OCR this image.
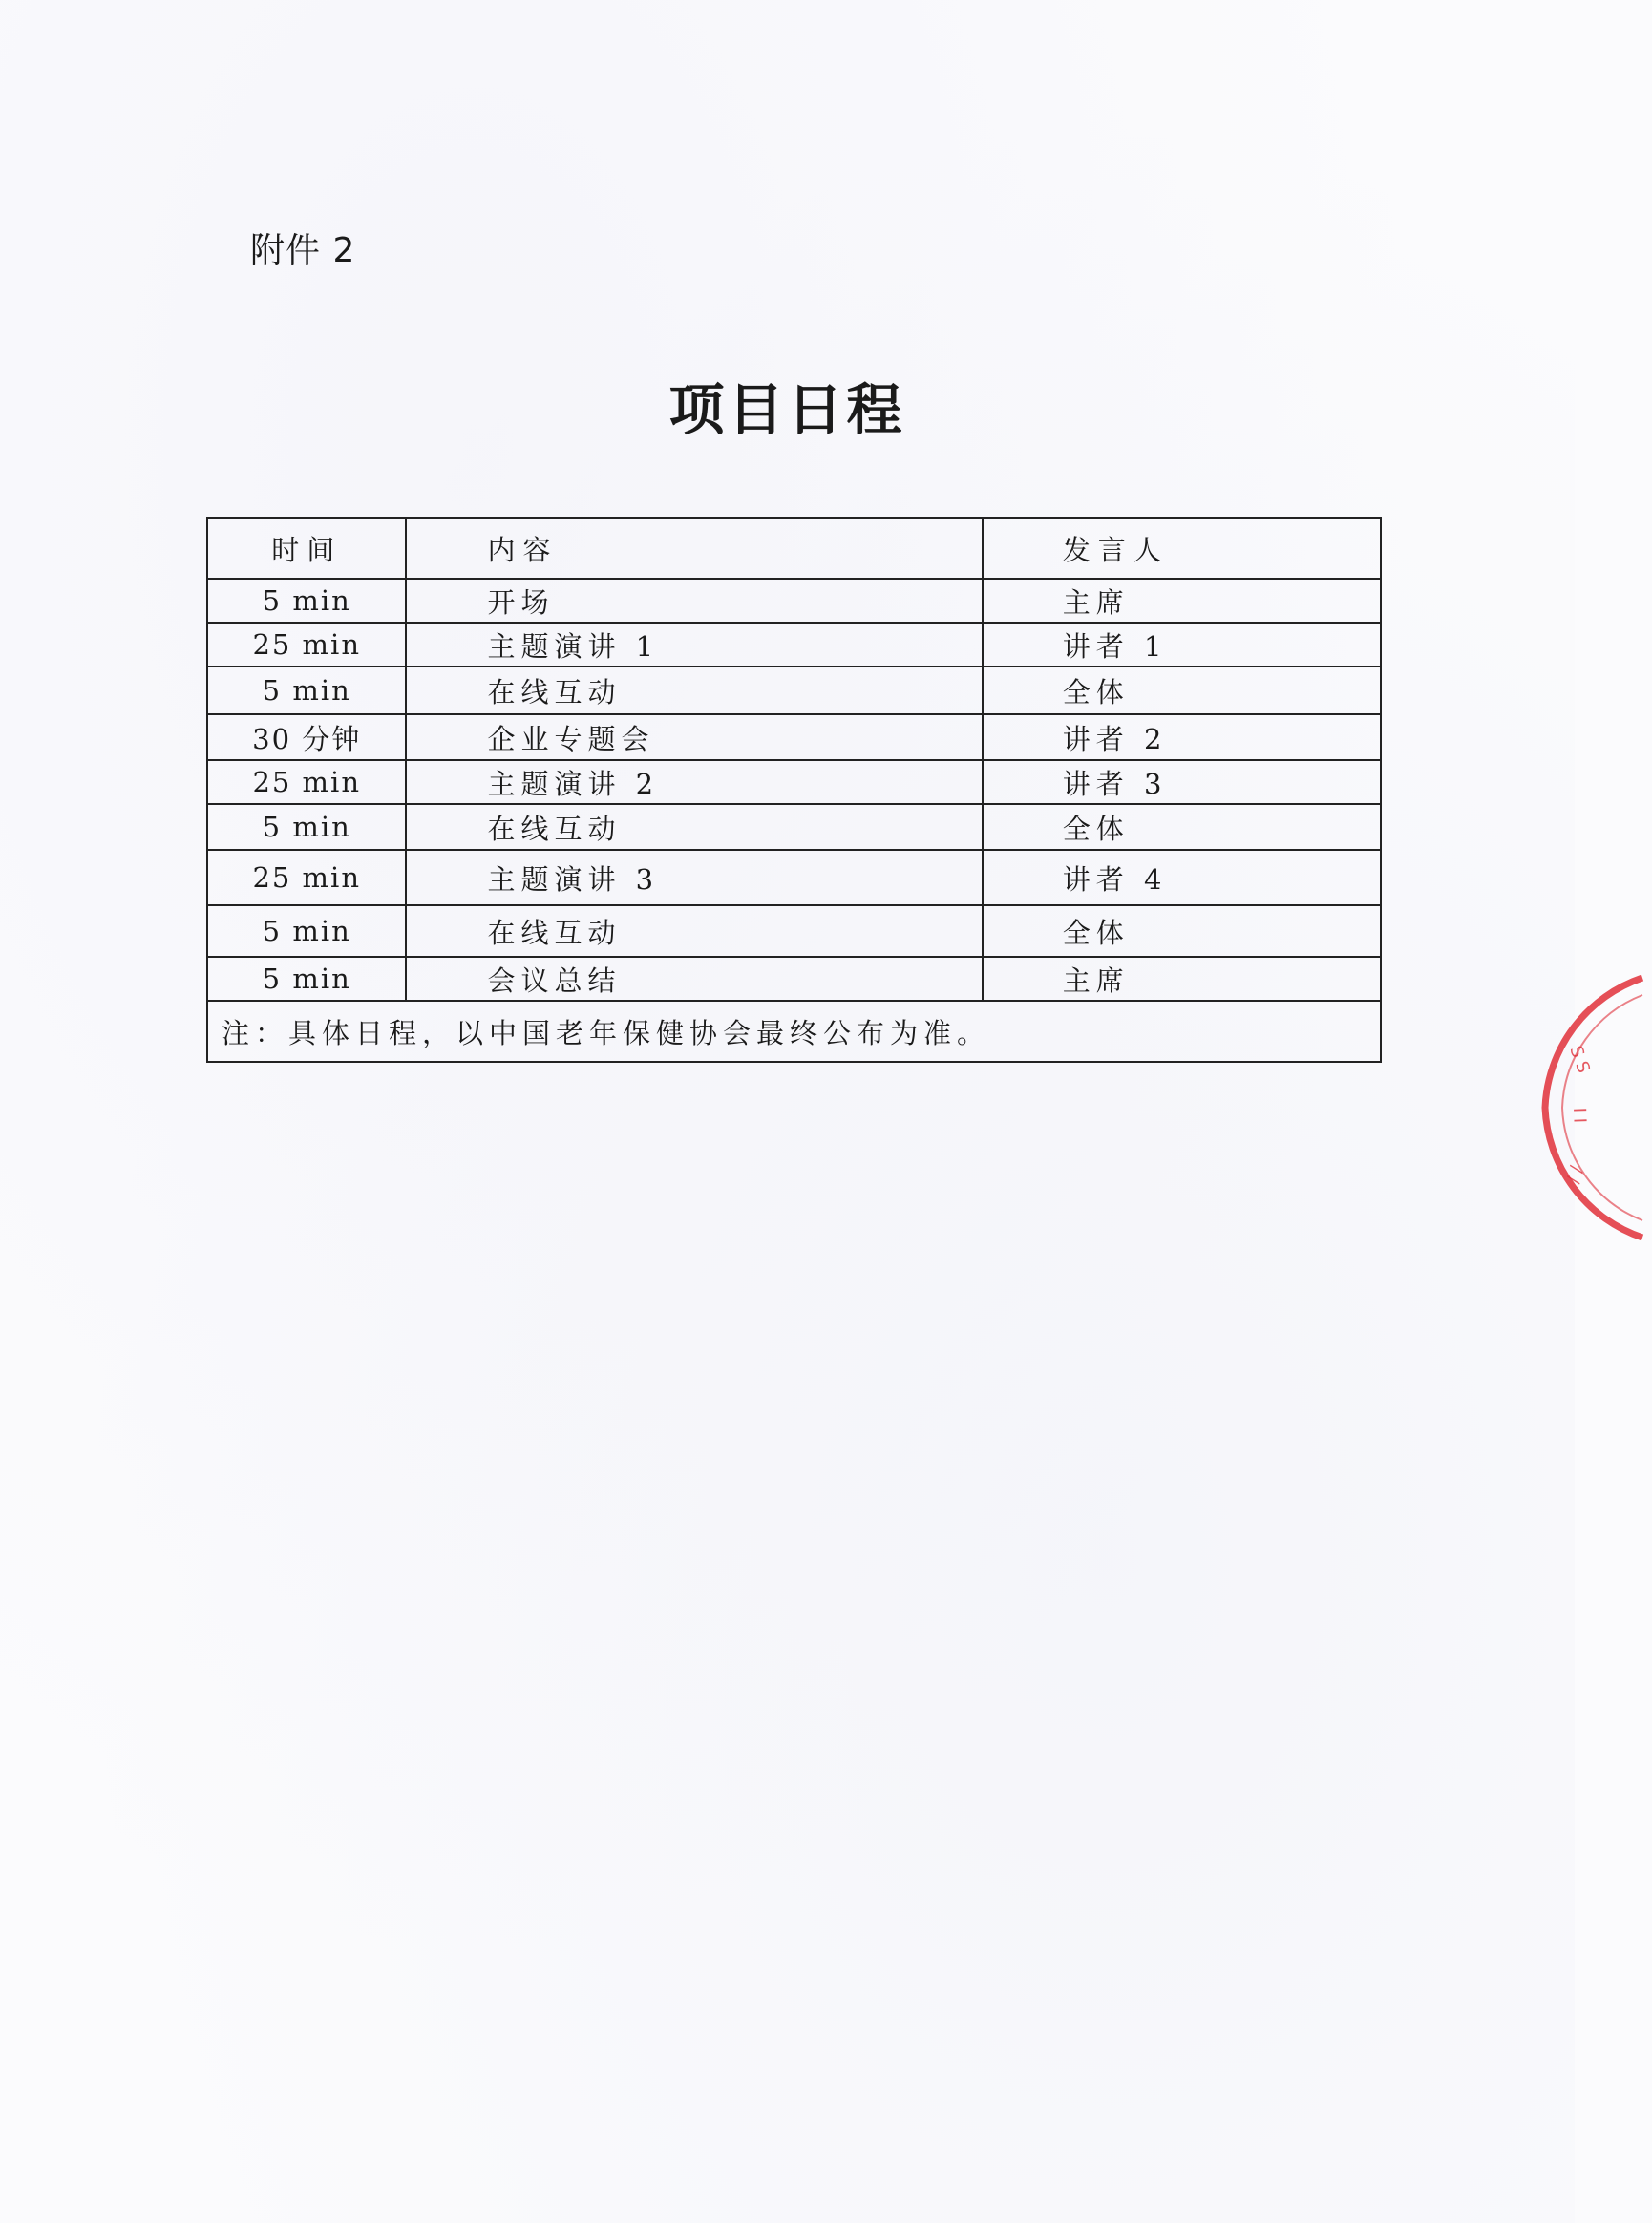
附件 2
项目日程
时间	内容	发言人
5 min	开场	主席
25 min	主题演讲 1	讲者 1
5 min	在线互动	全体
30 分钟	企业专题会	讲者 2
25 min	主题演讲 2	讲者 3
5 min	在线互动	全体
25 min	主题演讲 3	讲者 4
5 min	在线互动	全体
5 min	会议总结	主席
注：具体日程，以中国老年保健协会最终公布为准。		
S S
I I
/ /
